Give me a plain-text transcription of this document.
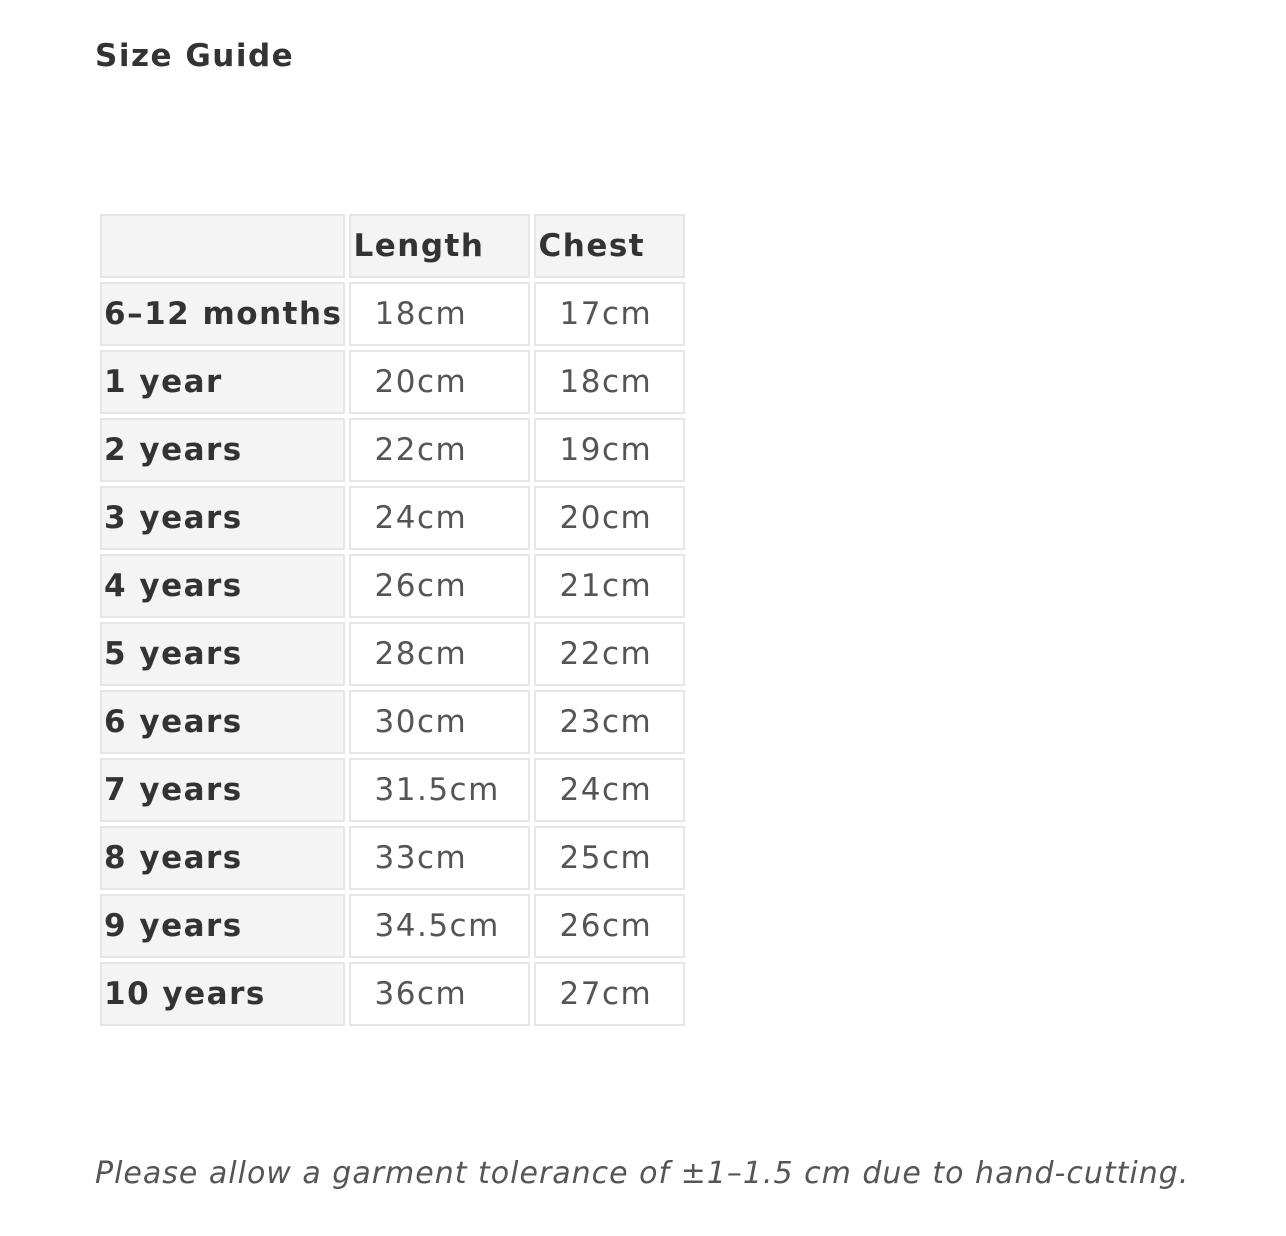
Size Guide
	Length	Chest
6–12 months	18cm	17cm
1 year	20cm	18cm
2 years	22cm	19cm
3 years	24cm	20cm
4 years	26cm	21cm
5 years	28cm	22cm
6 years	30cm	23cm
7 years	31.5cm	24cm
8 years	33cm	25cm
9 years	34.5cm	26cm
10 years	36cm	27cm

Please allow a garment tolerance of ±1–1.5 cm due to hand-cutting.
